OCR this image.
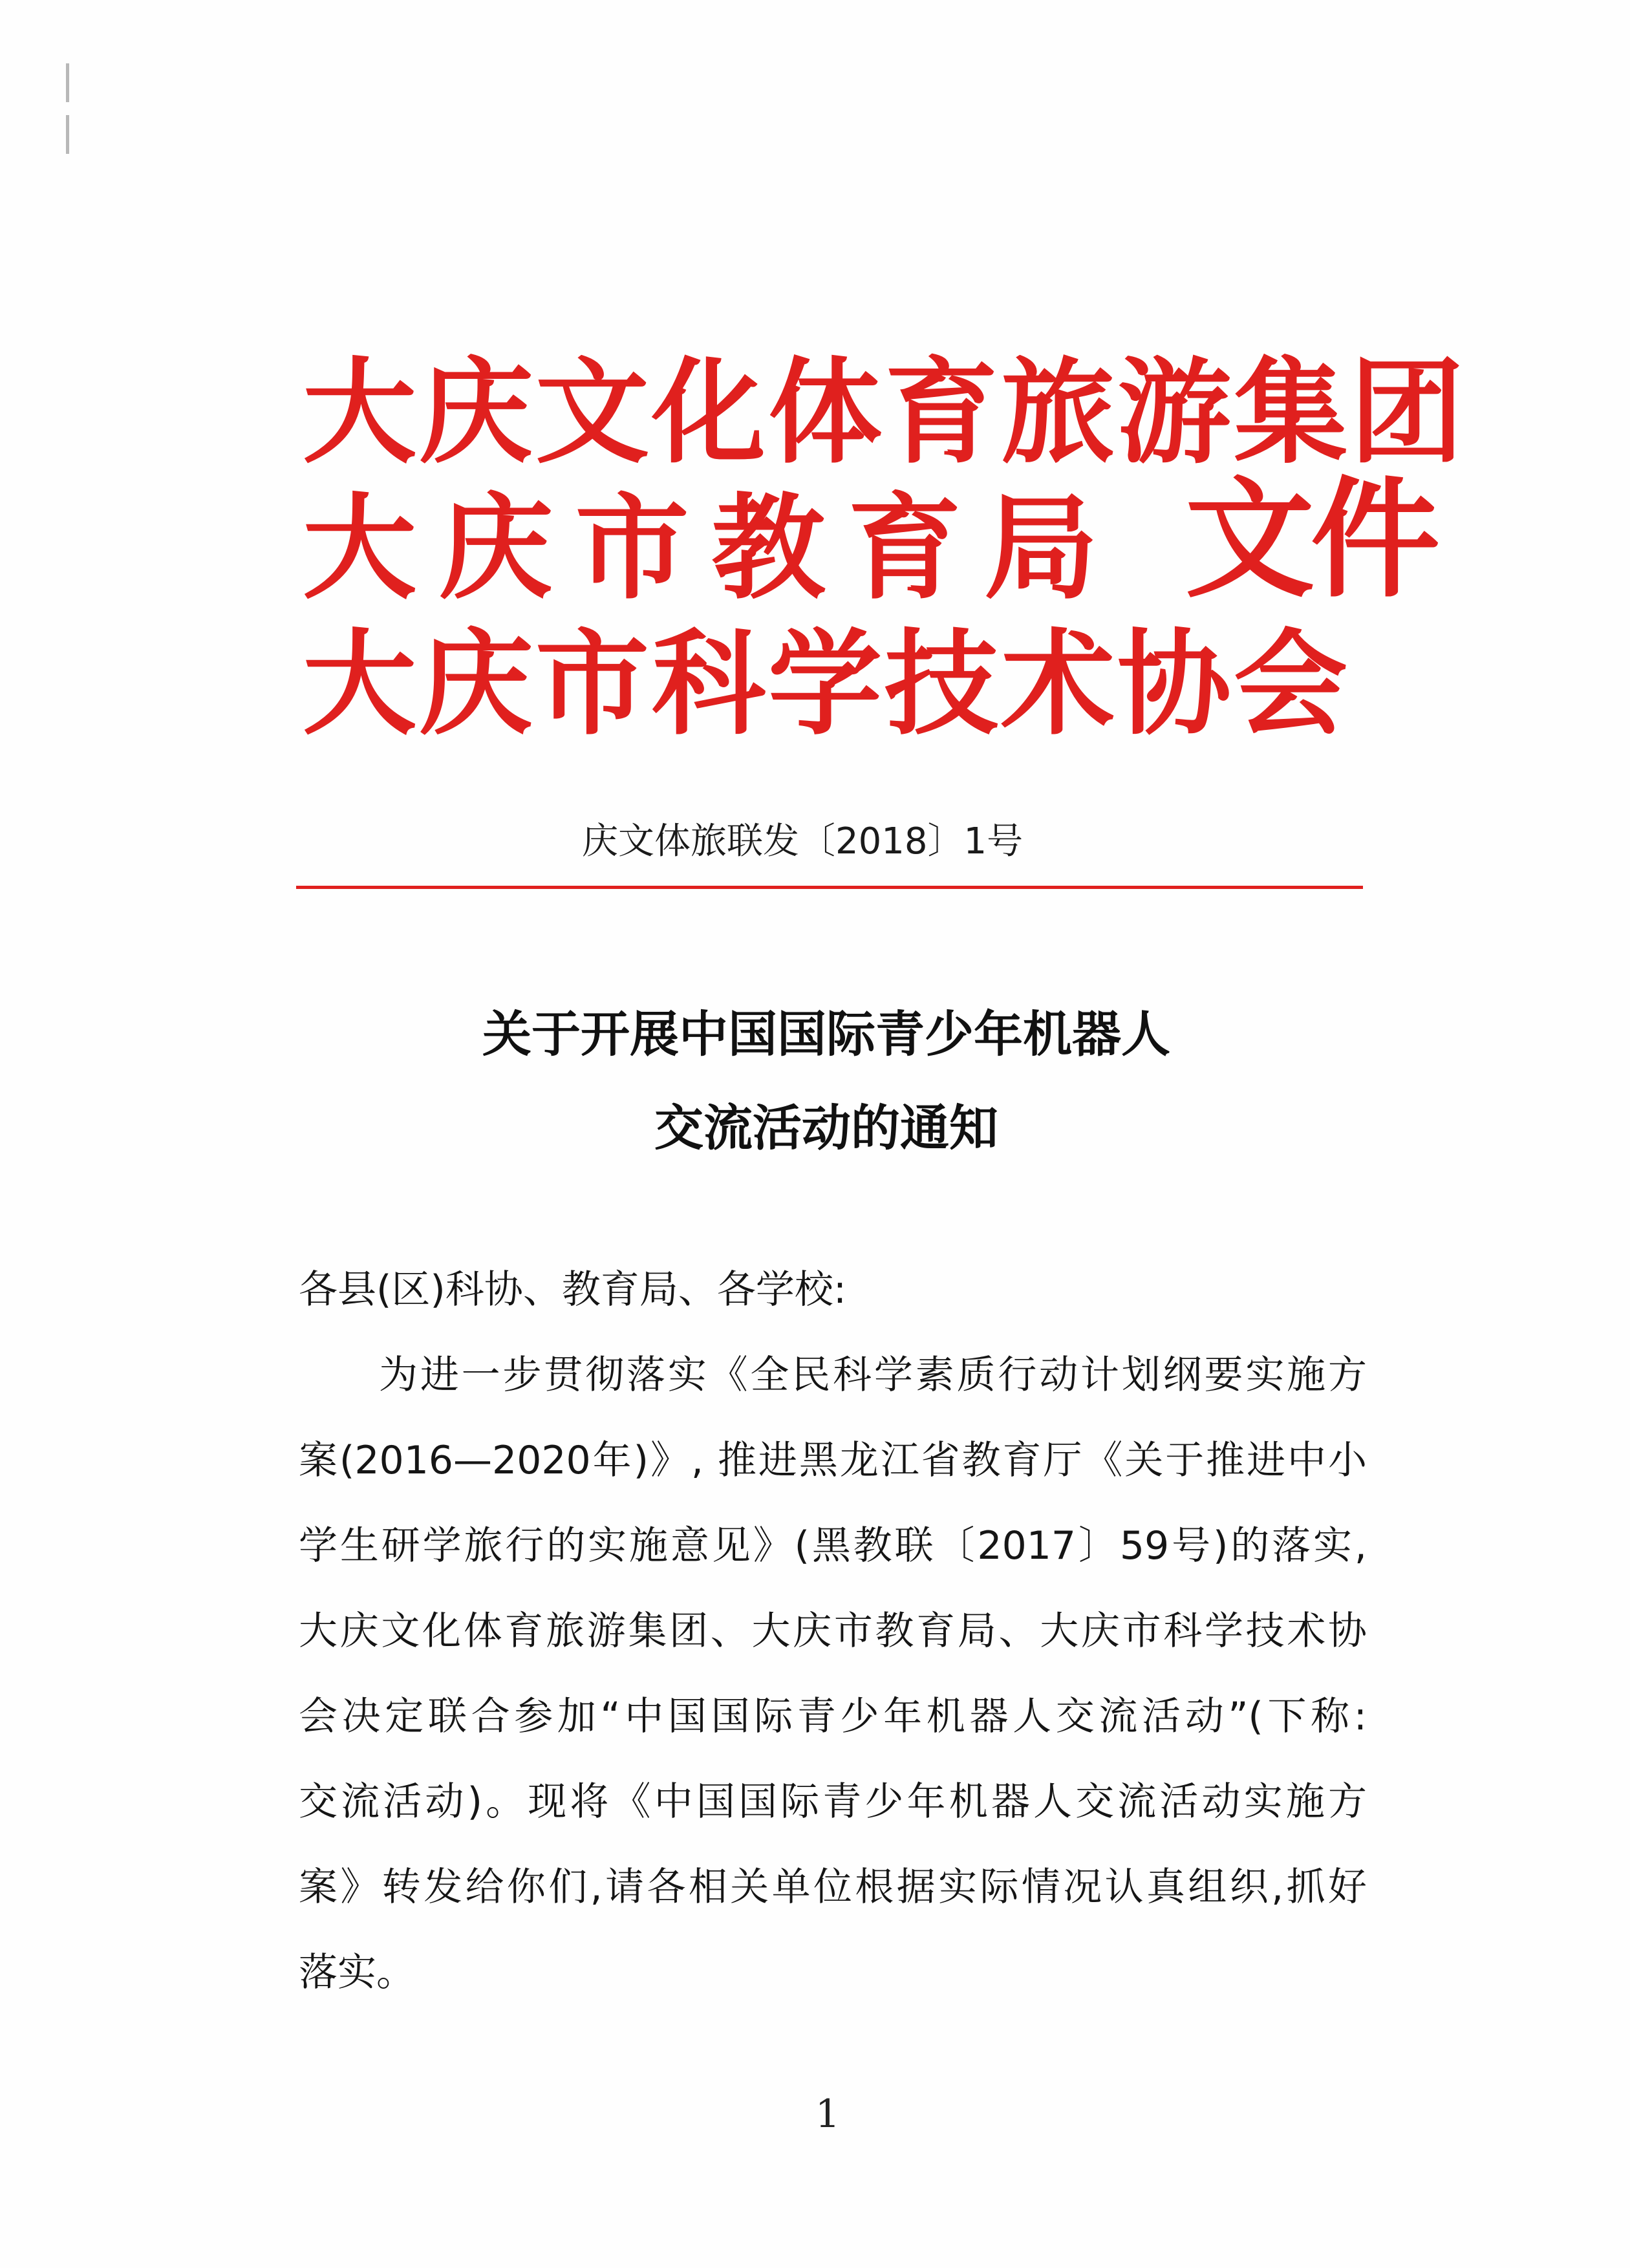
大庆文化体育旅游集团
大 庆 市 教 育 局 文件
大庆市科学技术协会
庆文体旅联发〔2018〕1号
关于开展中国国际青少年机器人
交流活动的通知
各县(区)科协、教育局、各学校:
为进一步贯彻落实《全民科学素质行动计划纲要实施方
案(2016—2020年)》, 推进黑龙江省教育厅《关于推进中小
学生研学旅行的实施意见》(黑教联〔2017〕59号)的落实,
大庆文化体育旅游集团、大庆市教育局、大庆市科学技术协
会决定联合参加“中国国际青少年机器人交流活动”(下称:
交流活动)。现将《中国国际青少年机器人交流活动实施方
案》转发给你们,请各相关单位根据实际情况认真组织,抓好
落实。
1
